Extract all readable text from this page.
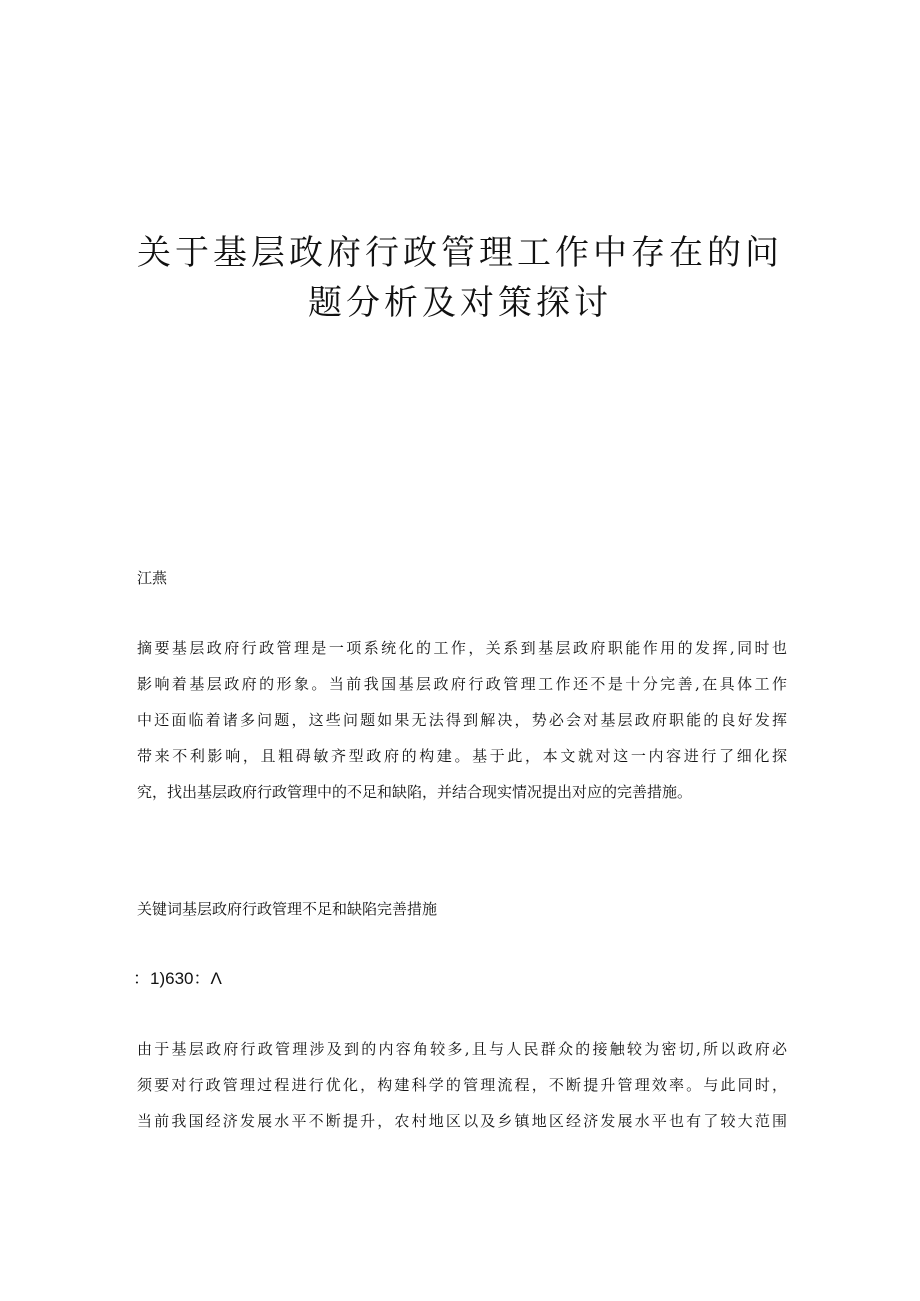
关于基层政府行政管理工作中存在的问
题分析及对策探讨

江燕

摘要基层政府行政管理是一项系统化的工作，关系到基层政府职能作用的发挥,同时也
影响着基层政府的形象。当前我国基层政府行政管理工作还不是十分完善,在具体工作
中还面临着诸多问题，这些问题如果无法得到解决，势必会对基层政府职能的良好发挥
带来不利影响，且粗碍敏齐型政府的构建。基于此，本文就对这一内容进行了细化探
究，找出基层政府行政管理中的不足和缺陷，并结合现实情况提出对应的完善措施。

关键词基层政府行政管理不足和缺陷完善措施

：1)630：Λ

由于基层政府行政管理涉及到的内容角较多,且与人民群众的接触较为密切,所以政府必
须要对行政管理过程进行优化，构建科学的管理流程，不断提升管理效率。与此同时，
当前我国经济发展水平不断提升，农村地区以及乡镇地区经济发展水平也有了较大范围
